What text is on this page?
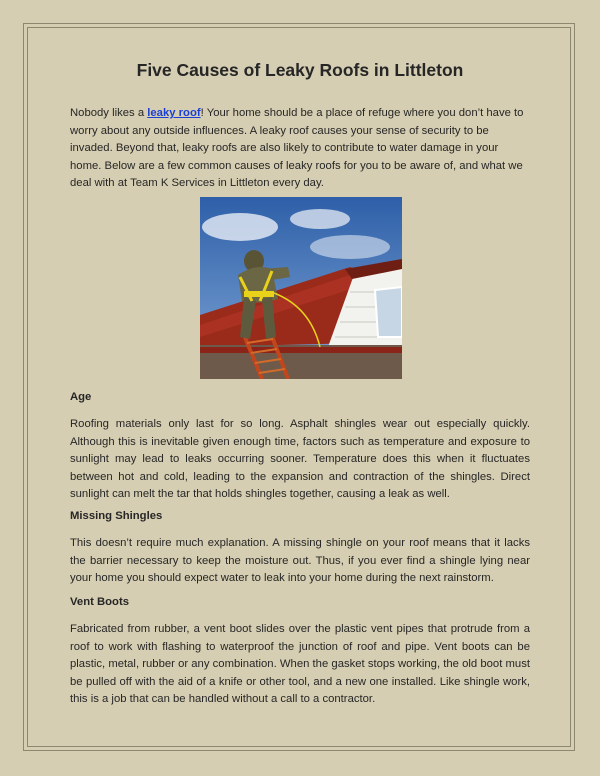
Five Causes of Leaky Roofs in Littleton

Nobody likes a leaky roof! Your home should be a place of refuge where you don’t have to worry about any outside influences. A leaky roof causes your sense of security to be invaded. Beyond that, leaky roofs are also likely to contribute to water damage in your home. Below are a few common causes of leaky roofs for you to be aware of, and what we deal with at Team K Services in Littleton every day.

Age

Roofing materials only last for so long. Asphalt shingles wear out especially quickly. Although this is inevitable given enough time, factors such as temperature and exposure to sunlight may lead to leaks occurring sooner. Temperature does this when it fluctuates between hot and cold, leading to the expansion and contraction of the shingles. Direct sunlight can melt the tar that holds shingles together, causing a leak as well.

Missing Shingles

This doesn’t require much explanation. A missing shingle on your roof means that it lacks the barrier necessary to keep the moisture out. Thus, if you ever find a shingle lying near your home you should expect water to leak into your home during the next rainstorm.

Vent Boots

Fabricated from rubber, a vent boot slides over the plastic vent pipes that protrude from a roof to work with flashing to waterproof the junction of roof and pipe. Vent boots can be plastic, metal, rubber or any combination. When the gasket stops working, the old boot must be pulled off with the aid of a knife or other tool, and a new one installed. Like shingle work, this is a job that can be handled without a call to a contractor.
